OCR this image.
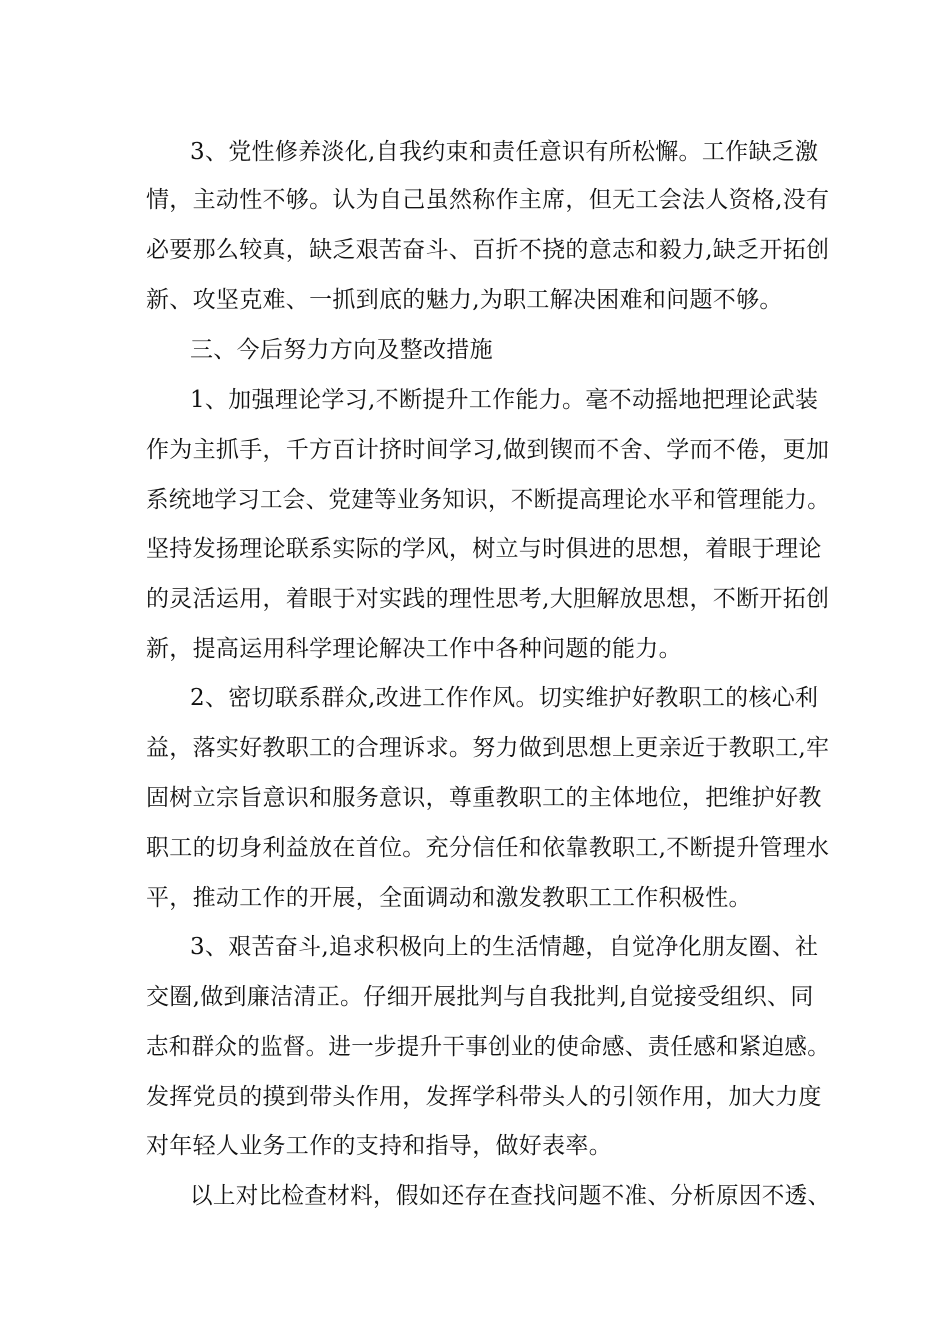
3、党性修养淡化,自我约束和责任意识有所松懈。工作缺乏激
情，主动性不够。认为自己虽然称作主席，但无工会法人资格,没有
必要那么较真，缺乏艰苦奋斗、百折不挠的意志和毅力,缺乏开拓创
新、攻坚克难、一抓到底的魅力,为职工解决困难和问题不够。
三、今后努力方向及整改措施
1、加强理论学习,不断提升工作能力。毫不动摇地把理论武装
作为主抓手，千方百计挤时间学习,做到锲而不舍、学而不倦，更加
系统地学习工会、党建等业务知识，不断提高理论水平和管理能力。
坚持发扬理论联系实际的学风，树立与时俱进的思想，着眼于理论
的灵活运用，着眼于对实践的理性思考,大胆解放思想，不断开拓创
新，提高运用科学理论解决工作中各种问题的能力。
2、密切联系群众,改进工作作风。切实维护好教职工的核心利
益，落实好教职工的合理诉求。努力做到思想上更亲近于教职工,牢
固树立宗旨意识和服务意识，尊重教职工的主体地位，把维护好教
职工的切身利益放在首位。充分信任和依靠教职工,不断提升管理水
平，推动工作的开展，全面调动和激发教职工工作积极性。
3、艰苦奋斗,追求积极向上的生活情趣，自觉净化朋友圈、社
交圈,做到廉洁清正。仔细开展批判与自我批判,自觉接受组织、同
志和群众的监督。进一步提升干事创业的使命感、责任感和紧迫感。
发挥党员的摸到带头作用，发挥学科带头人的引领作用，加大力度
对年轻人业务工作的支持和指导，做好表率。
以上对比检查材料，假如还存在查找问题不准、分析原因不透、
